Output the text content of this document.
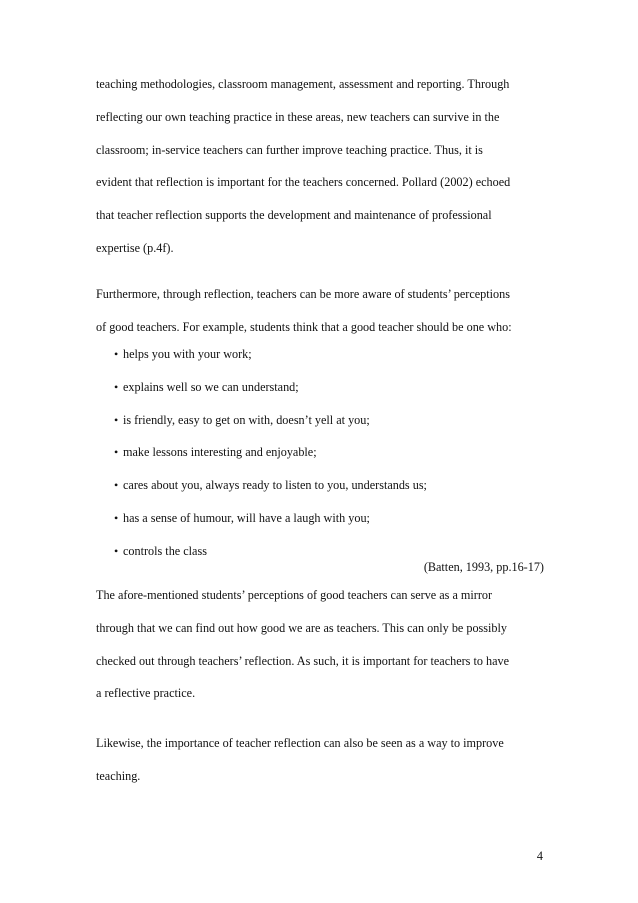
teaching methodologies, classroom management, assessment and reporting. Through

reflecting our own teaching practice in these areas, new teachers can survive in the

classroom; in-service teachers can further improve teaching practice. Thus, it is

evident that reflection is important for the teachers concerned. Pollard (2002) echoed

that teacher reflection supports the development and maintenance of professional

expertise (p.4f).

Furthermore, through reflection, teachers can be more aware of students’ perceptions

of good teachers. For example, students think that a good teacher should be one who:

• helps you with your work;
• explains well so we can understand;
• is friendly, easy to get on with, doesn’t yell at you;
• make lessons interesting and enjoyable;
• cares about you, always ready to listen to you, understands us;
• has a sense of humour, will have a laugh with you;
• controls the class
(Batten, 1993, pp.16-17)

The afore-mentioned students’ perceptions of good teachers can serve as a mirror

through that we can find out how good we are as teachers. This can only be possibly

checked out through teachers’ reflection. As such, it is important for teachers to have

a reflective practice.

Likewise, the importance of teacher reflection can also be seen as a way to improve

teaching.

4
